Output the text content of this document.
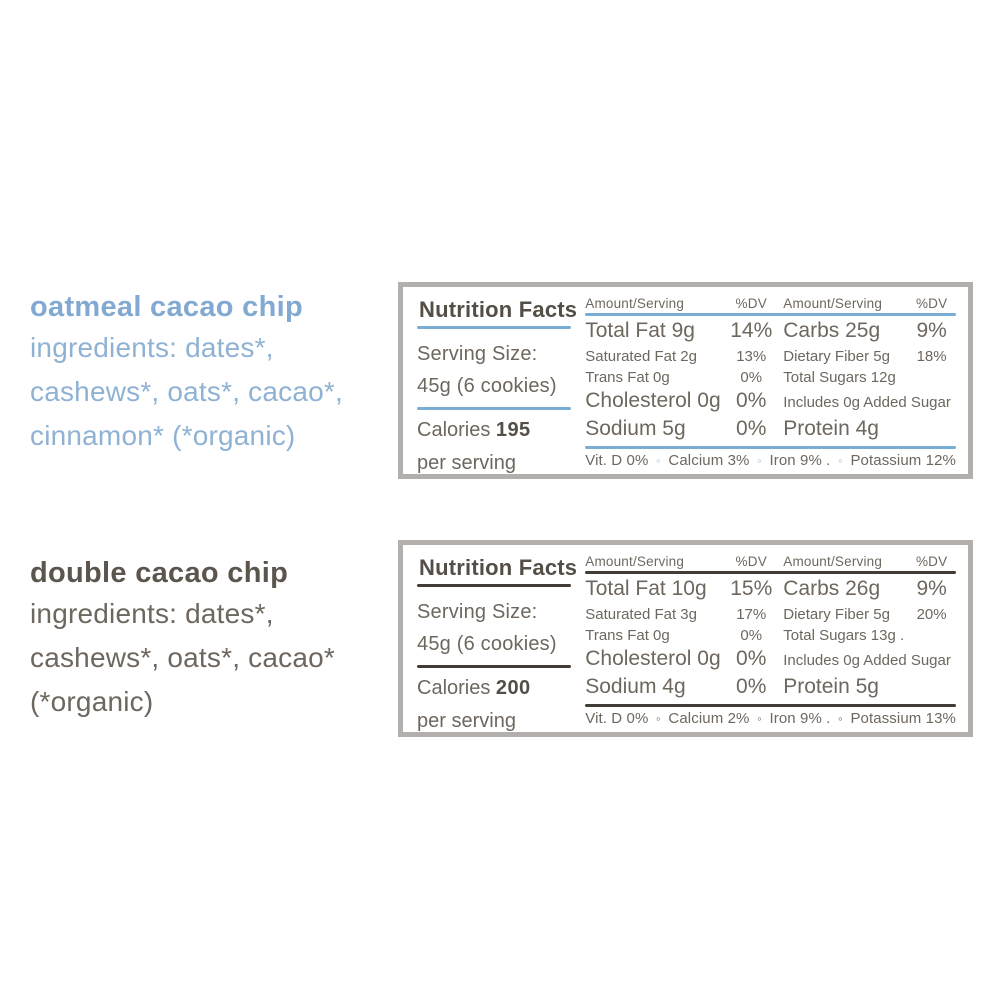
oatmeal cacao chip

ingredients: dates*,

cashews*, oats*, cacao*,

cinnamon* (*organic)

Nutrition Facts

Serving Size:

45g (6 cookies)

Calories 195

per serving

Amount/Serving	%DV	Amount/Serving	%DV
Total Fat 9g	14% Carbs 25g	9%
Saturated Fat 2g	13%	Dietary Fiber 5g	18%
Trans Fat 0g	0%	Total Sugars 12g
Cholesterol 0g 0%	Includes 0g Added Sugar
Sodium 5g	0% Protein 4g
Vit. D 0% ◦ Calcium 3% ◦ Iron 9% . ◦ Potassium 12%
double cacao chip

ingredients: dates*,

cashews*, oats*, cacao*

(*organic)

Nutrition Facts

Serving Size:

45g (6 cookies)

Calories 200

per serving

Amount/Serving	%DV	Amount/Serving	%DV
Total Fat 10g	15% Carbs 26g	9%
Saturated Fat 3g	17%	Dietary Fiber 5g	20%
Trans Fat 0g	0%	Total Sugars 13g .
Cholesterol 0g 0%	Includes 0g Added Sugar
Sodium 4g	0% Protein 5g
Vit. D 0% ◦ Calcium 2% ◦ Iron 9% . ◦ Potassium 13%
